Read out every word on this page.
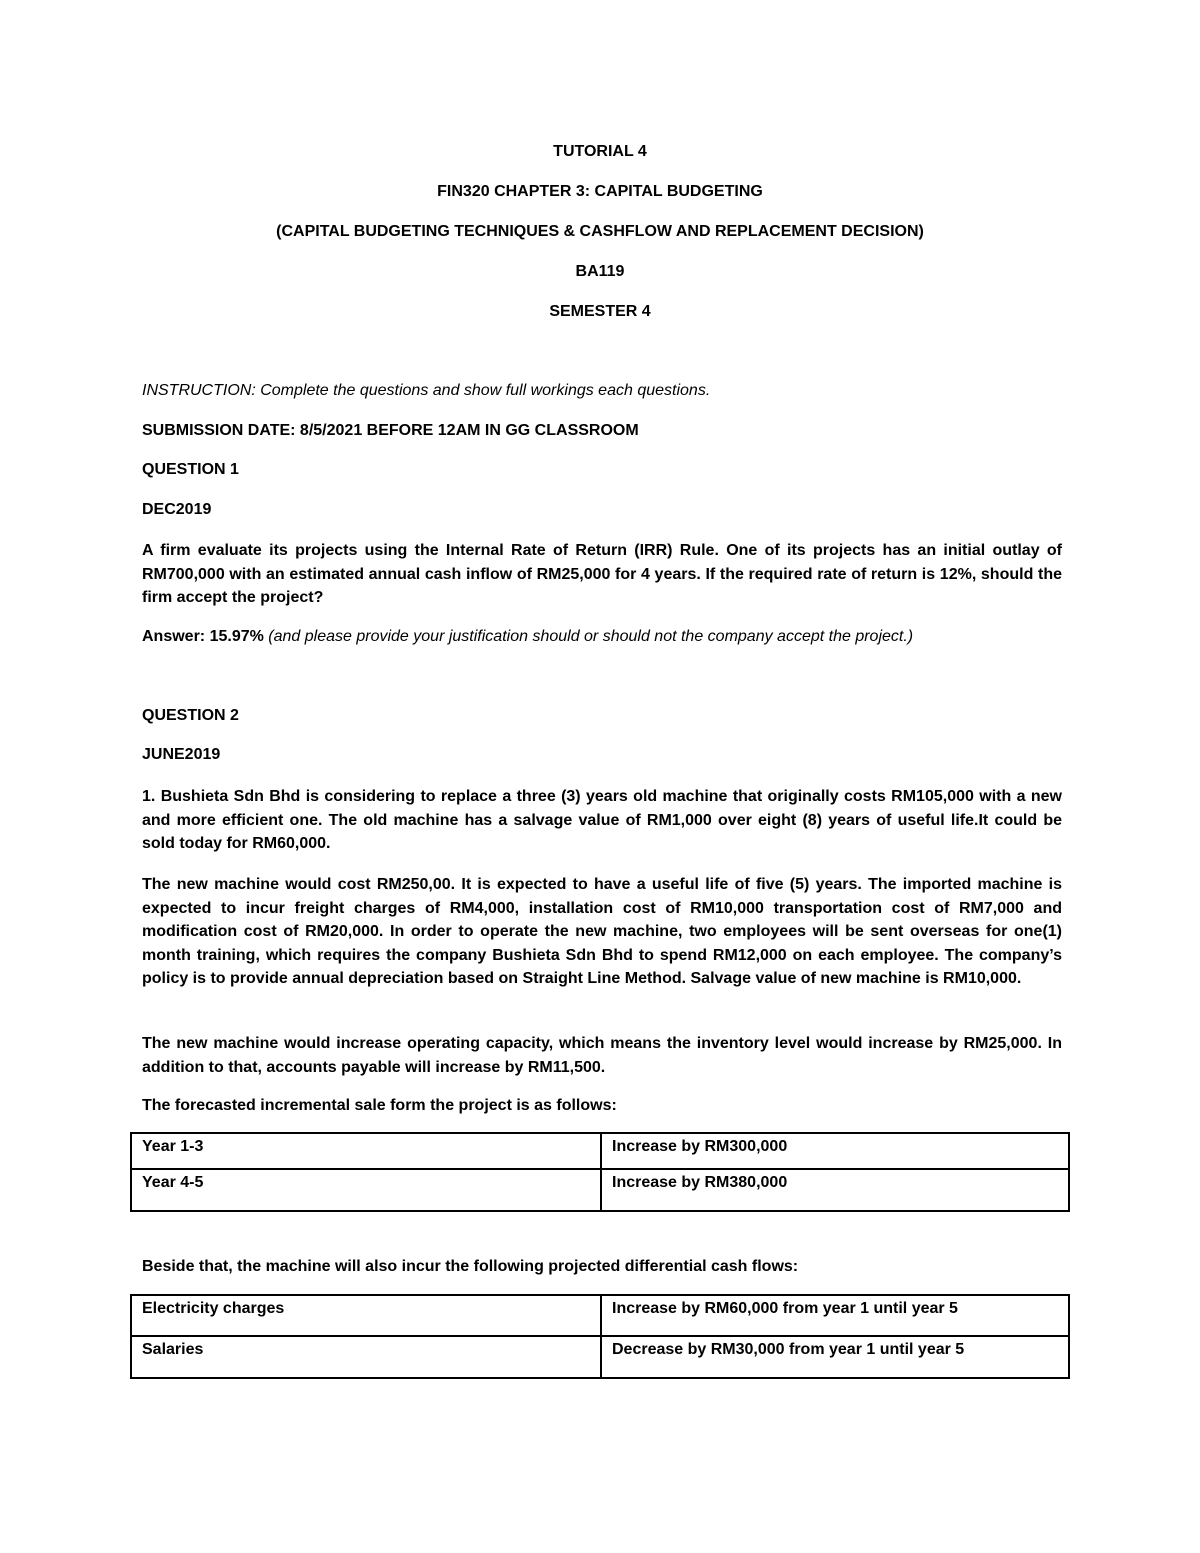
TUTORIAL 4
FIN320 CHAPTER 3: CAPITAL BUDGETING
(CAPITAL BUDGETING TECHNIQUES & CASHFLOW AND REPLACEMENT DECISION)
BA119
SEMESTER 4
INSTRUCTION: Complete the questions and show full workings each questions.
SUBMISSION DATE: 8/5/2021 BEFORE 12AM IN GG CLASSROOM
QUESTION 1
DEC2019
A firm evaluate its projects using the Internal Rate of Return (IRR) Rule. One of its projects has an initial outlay of RM700,000 with an estimated annual cash inflow of RM25,000 for 4 years. If the required rate of return is 12%, should the firm accept the project?
Answer: 15.97% (and please provide your justification should or should not the company accept the project.)
QUESTION 2
JUNE2019
1. Bushieta Sdn Bhd is considering to replace a three (3) years old machine that originally costs RM105,000 with a new and more efficient one. The old machine has a salvage value of RM1,000 over eight (8) years of useful life.It could be sold today for RM60,000.
The new machine would cost RM250,00. It is expected to have a useful life of five (5) years. The imported machine is expected to incur freight charges of RM4,000, installation cost of RM10,000 transportation cost of RM7,000 and modification cost of RM20,000. In order to operate the new machine, two employees will be sent overseas for one(1) month training, which requires the company Bushieta Sdn Bhd to spend RM12,000 on each employee. The company’s policy is to provide annual depreciation based on Straight Line Method. Salvage value of new machine is RM10,000.
The new machine would increase operating capacity, which means the inventory level would increase by RM25,000. In addition to that, accounts payable will increase by RM11,500.
The forecasted incremental sale form the project is as follows:
Year 1-3	Increase by RM300,000
Year 4-5	Increase by RM380,000
Beside that, the machine will also incur the following projected differential cash flows:
Electricity charges	Increase by RM60,000 from year 1 until year 5
Salaries	Decrease by RM30,000 from year 1 until year 5
